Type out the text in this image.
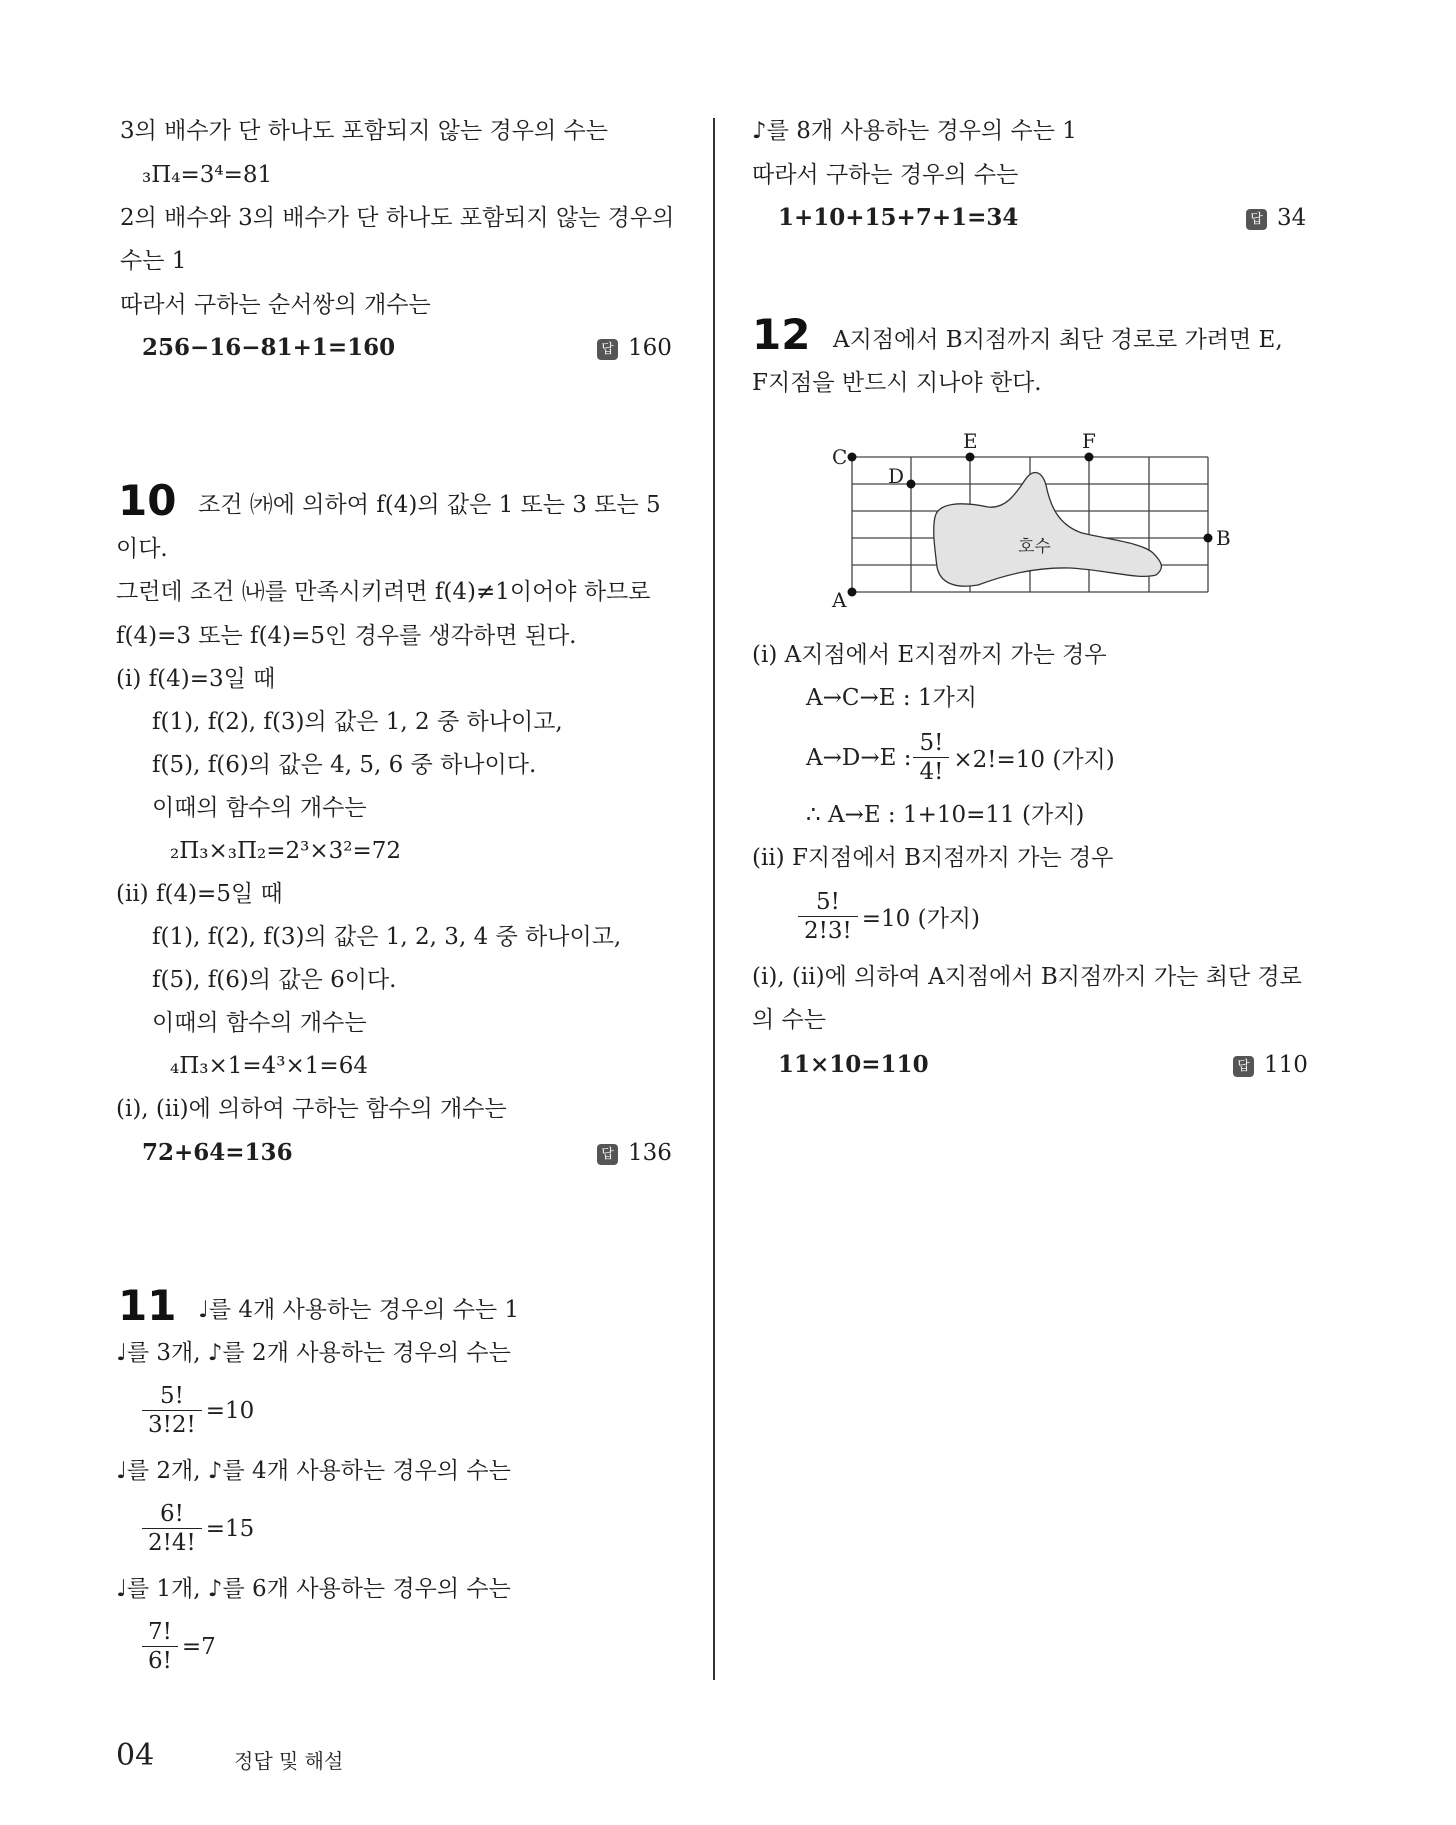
3의 배수가 단 하나도 포함되지 않는 경우의 수는
₃Π₄=3⁴=81
2의 배수와 3의 배수가 단 하나도 포함되지 않는 경우의
수는 1
따라서 구하는 순서쌍의 개수는
256−16−81+1=160	답 160
10 조건 ㈎에 의하여 f(4)의 값은 1 또는 3 또는 5
이다.
그런데 조건 ㈏를 만족시키려면 f(4)≠1이어야 하므로
f(4)=3 또는 f(4)=5인 경우를 생각하면 된다.
(i) f(4)=3일 때
f(1), f(2), f(3)의 값은 1, 2 중 하나이고,
f(5), f(6)의 값은 4, 5, 6 중 하나이다.
이때의 함수의 개수는
₂Π₃×₃Π₂=2³×3²=72
(ii) f(4)=5일 때
f(1), f(2), f(3)의 값은 1, 2, 3, 4 중 하나이고,
f(5), f(6)의 값은 6이다.
이때의 함수의 개수는
₄Π₃×1=4³×1=64
(i), (ii)에 의하여 구하는 함수의 개수는
72+64=136	답 136
11 ♩를 4개 사용하는 경우의 수는 1
♩를 3개, ♪를 2개 사용하는 경우의 수는
$\frac{5!}{3!2!} =10$
♩를 2개, ♪를 4개 사용하는 경우의 수는
$\frac{6!}{2!4!} =15$
♩를 1개, ♪를 6개 사용하는 경우의 수는
$\frac{7!}{6!} =7$
♪를 8개 사용하는 경우의 수는 1
따라서 구하는 경우의 수는
1+10+15+7+1=34	답 34
12 A지점에서 B지점까지 최단 경로로 가려면 E,
F지점을 반드시 지나야 한다.
호수
A
B
C
D
E	F
(i) A지점에서 E지점까지 가는 경우
A→C→E : 1가지
A→D→E : $\frac{5!}{4!} \times 2!=10$ (가지)
∴ A→E : 1+10=11 (가지)
(ii) F지점에서 B지점까지 가는 경우
$\frac{5!}{2!3!} =10$ (가지)
(i), (ii)에 의하여 A지점에서 B지점까지 가는 최단 경로
의 수는
11×10=110	답 110
04	정답 및 해설
